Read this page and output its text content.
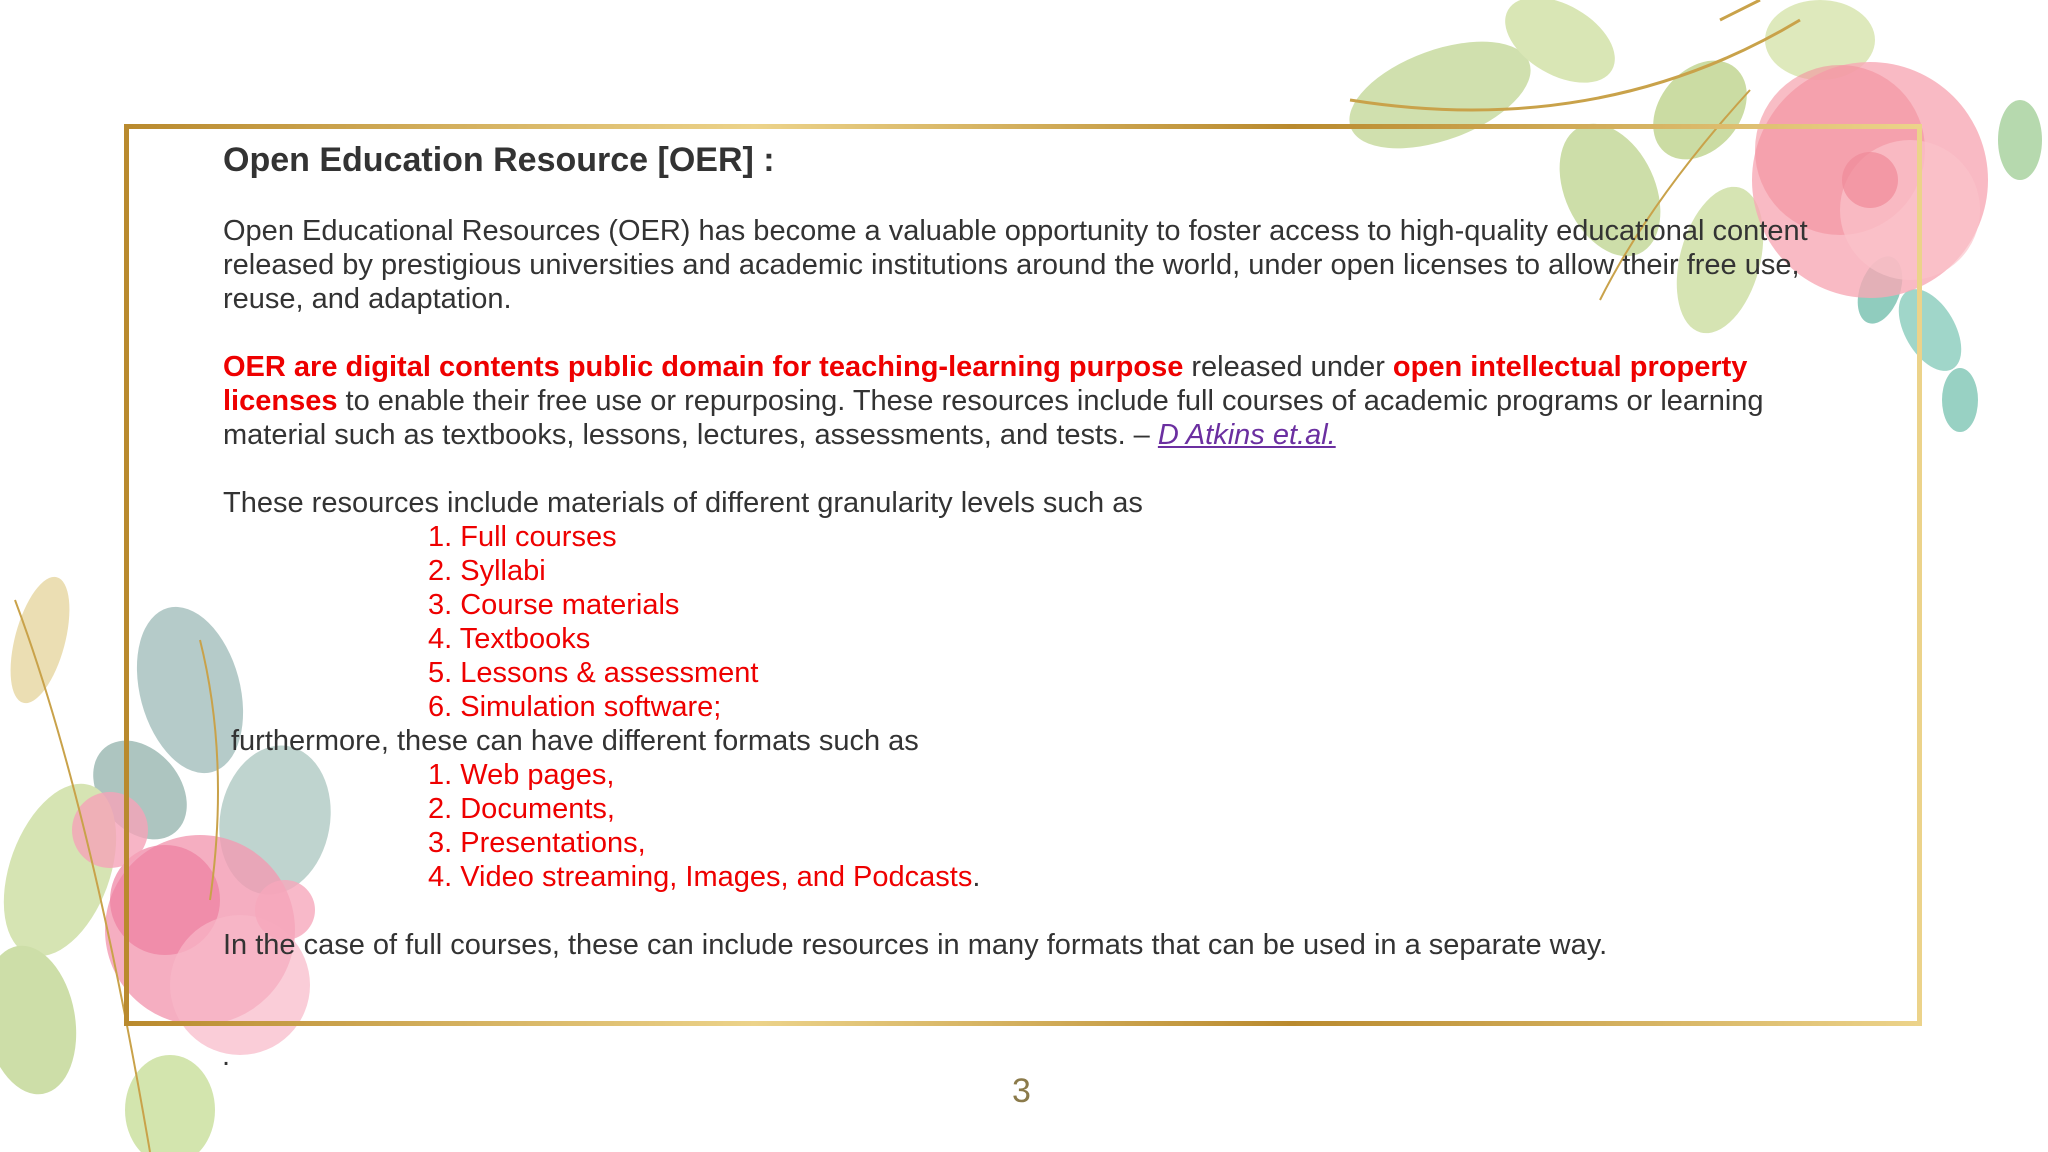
Open Education Resource [OER] :
Open Educational Resources (OER) has become a valuable opportunity to foster access to high-quality educational content released by prestigious universities and academic institutions around the world, under open licenses to allow their free use, reuse, and adaptation.
OER are digital contents public domain for teaching-learning purpose released under open intellectual property licenses to enable their free use or repurposing. These resources include full courses of academic programs or learning material such as textbooks, lessons, lectures, assessments, and tests. – D Atkins et.al.
These resources include materials of different granularity levels such as
1. Full courses
2. Syllabi
3. Course materials
4. Textbooks
5. Lessons & assessment
6. Simulation software;
furthermore, these can have different formats such as
1. Web pages,
2. Documents,
3. Presentations,
4. Video streaming, Images, and Podcasts.
In the case of full courses, these can include resources in many formats that can be used in a separate way.
.
3
